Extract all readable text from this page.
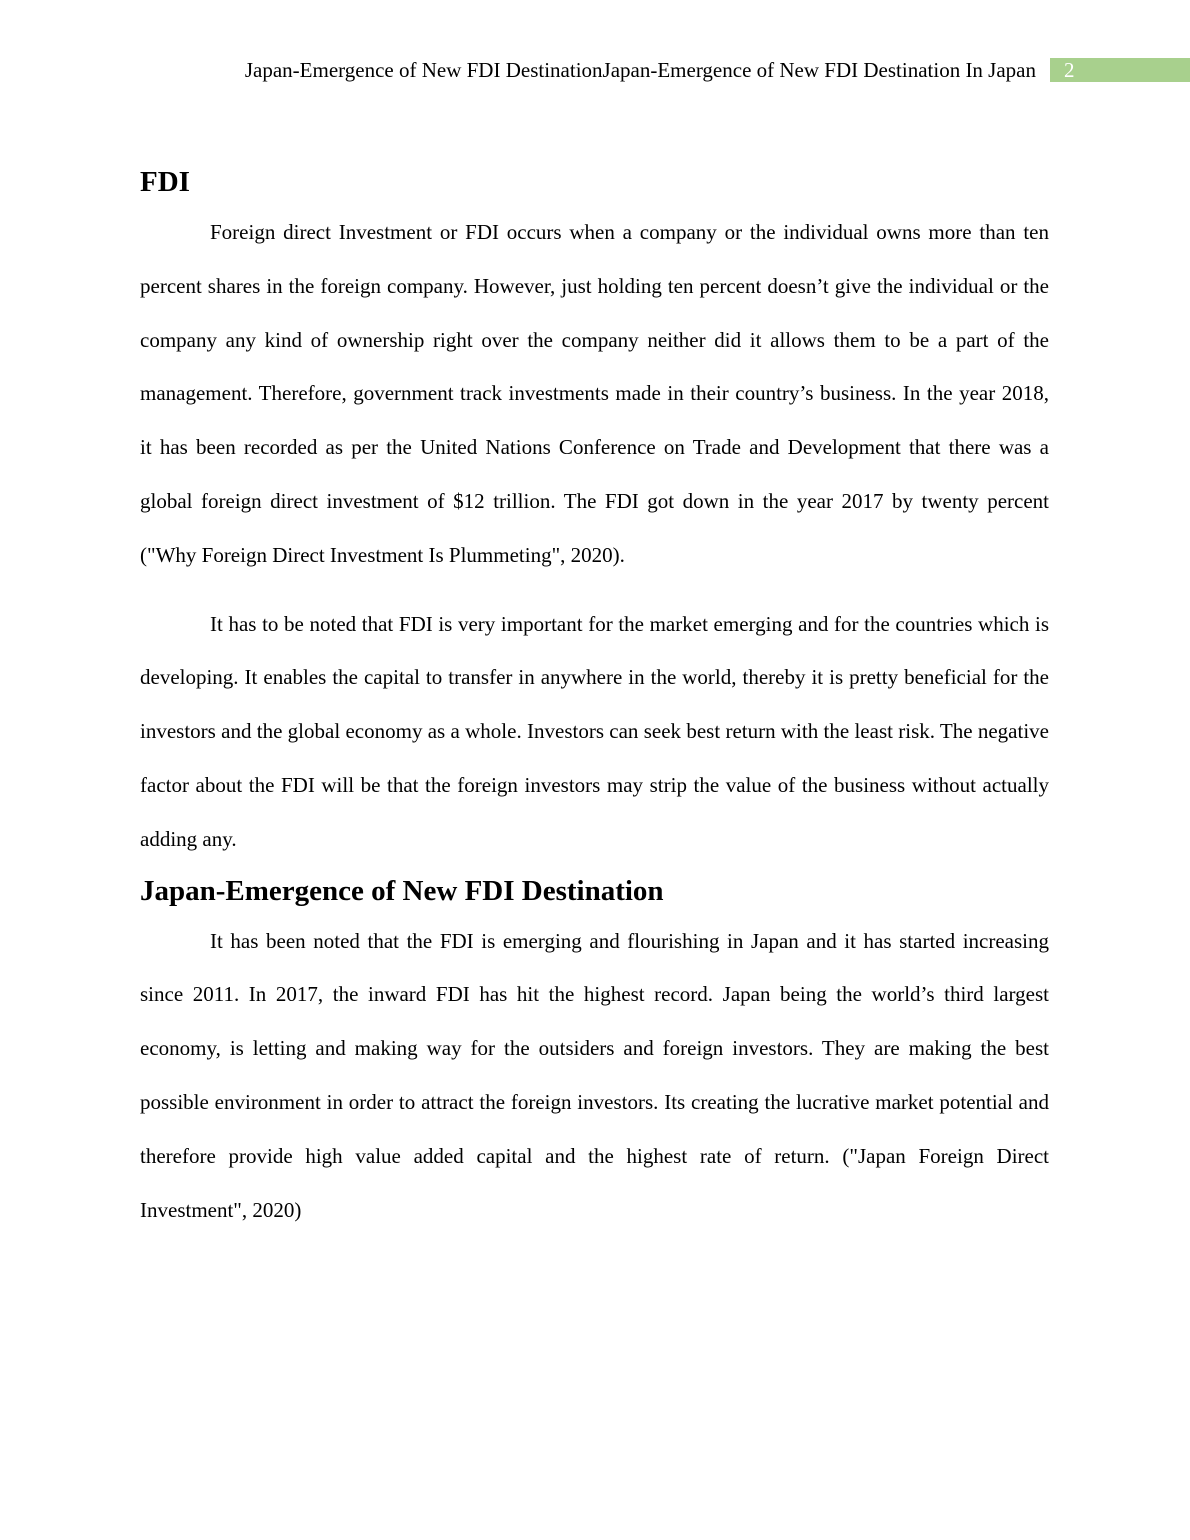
Japan-Emergence of New FDI DestinationJapan-Emergence of New FDI Destination In Japan 2
FDI

Foreign direct Investment or FDI occurs when a company or the individual owns more than ten percent shares in the foreign company. However, just holding ten percent doesn’t give the individual or the company any kind of ownership right over the company neither did it allows them to be a part of the management. Therefore, government track investments made in their country’s business. In the year 2018, it has been recorded as per the United Nations Conference on Trade and Development that there was a global foreign direct investment of $12 trillion. The FDI got down in the year 2017 by twenty percent ("Why Foreign Direct Investment Is Plummeting", 2020).

It has to be noted that FDI is very important for the market emerging and for the countries which is developing. It enables the capital to transfer in anywhere in the world, thereby it is pretty beneficial for the investors and the global economy as a whole. Investors can seek best return with the least risk. The negative factor about the FDI will be that the foreign investors may strip the value of the business without actually adding any.

Japan-Emergence of New FDI Destination

It has been noted that the FDI is emerging and flourishing in Japan and it has started increasing since 2011. In 2017, the inward FDI has hit the highest record. Japan being the world’s third largest economy, is letting and making way for the outsiders and foreign investors. They are making the best possible environment in order to attract the foreign investors. Its creating the lucrative market potential and therefore provide high value added capital and the highest rate of return. ("Japan Foreign Direct Investment", 2020)
